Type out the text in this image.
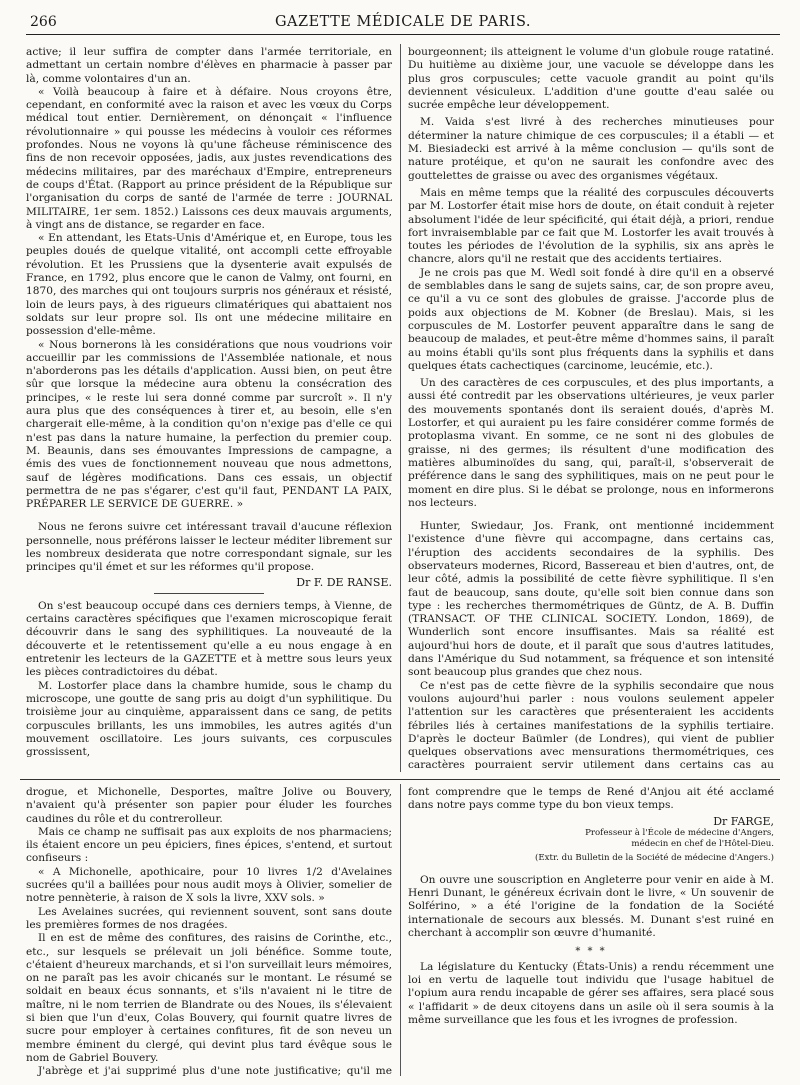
266	GAZETTE MÉDICALE DE PARIS.

active; il leur suffira de compter dans l'armée territoriale, en admettant un certain nombre d'élèves en pharmacie à passer par là, comme volontaires d'un an.

« Voilà beaucoup à faire et à défaire. Nous croyons être, cependant, en conformité avec la raison et avec les vœux du Corps médical tout entier. Dernièrement, on dénonçait « l'influence révolutionnaire » qui pousse les médecins à vouloir ces réformes profondes. Nous ne voyons là qu'une fâcheuse réminiscence des fins de non recevoir opposées, jadis, aux justes revendications des médecins militaires, par des maréchaux d'Empire, entrepreneurs de coups d'État. (Rapport au prince président de la République sur l'organisation du corps de santé de l'armée de terre : JOURNAL MILITAIRE, 1er sem. 1852.) Laissons ces deux mauvais arguments, à vingt ans de distance, se regarder en face.

« En attendant, les Etats-Unis d'Amérique et, en Europe, tous les peuples doués de quelque vitalité, ont accompli cette effroyable révolution. Et les Prussiens que la dysenterie avait expulsés de France, en 1792, plus encore que le canon de Valmy, ont fourni, en 1870, des marches qui ont toujours surpris nos généraux et résisté, loin de leurs pays, à des rigueurs climatériques qui abattaient nos soldats sur leur propre sol. Ils ont une médecine militaire en possession d'elle-même.

« Nous bornerons là les considérations que nous voudrions voir accueillir par les commissions de l'Assemblée nationale, et nous n'aborderons pas les détails d'application. Aussi bien, on peut être sûr que lorsque la médecine aura obtenu la consécration des principes, « le reste lui sera donné comme par surcroît ». Il n'y aura plus que des conséquences à tirer et, au besoin, elle s'en chargerait elle-même, à la condition qu'on n'exige pas d'elle ce qui n'est pas dans la nature humaine, la perfection du premier coup. M. Beaunis, dans ses émouvantes Impressions de campagne, a émis des vues de fonctionnement nouveau que nous admettons, sauf de légères modifications. Dans ces essais, un objectif permettra de ne pas s'égarer, c'est qu'il faut, PENDANT LA PAIX, PRÉPARER LE SERVICE DE GUERRE. »

Nous ne ferons suivre cet intéressant travail d'aucune réflexion personnelle, nous préférons laisser le lecteur méditer librement sur les nombreux desiderata que notre correspondant signale, sur les principes qu'il émet et sur les réformes qu'il propose.

Dr F. DE RANSE.

On s'est beaucoup occupé dans ces derniers temps, à Vienne, de certains caractères spécifiques que l'examen microscopique ferait découvrir dans le sang des syphilitiques. La nouveauté de la découverte et le retentissement qu'elle a eu nous engage à en entretenir les lecteurs de la GAZETTE et à mettre sous leurs yeux les pièces contradictoires du débat.

M. Lostorfer place dans la chambre humide, sous le champ du microscope, une goutte de sang pris au doigt d'un syphilitique. Du troisième jour au cinquième, apparaissent dans ce sang, de petits corpuscules brillants, les uns immobiles, les autres agités d'un mouvement oscillatoire. Les jours suivants, ces corpuscules grossissent,

bourgeonnent; ils atteignent le volume d'un globule rouge ratatiné. Du huitième au dixième jour, une vacuole se développe dans les plus gros corpuscules; cette vacuole grandit au point qu'ils deviennent vésiculeux. L'addition d'une goutte d'eau salée ou sucrée empêche leur développement.

M. Vaida s'est livré à des recherches minutieuses pour déterminer la nature chimique de ces corpuscules; il a établi — et M. Biesiadecki est arrivé à la même conclusion — qu'ils sont de nature protéique, et qu'on ne saurait les confondre avec des gouttelettes de graisse ou avec des organismes végétaux.

Mais en même temps que la réalité des corpuscules découverts par M. Lostorfer était mise hors de doute, on était conduit à rejeter absolument l'idée de leur spécificité, qui était déjà, a priori, rendue fort invraisemblable par ce fait que M. Lostorfer les avait trouvés à toutes les périodes de l'évolution de la syphilis, six ans après le chancre, alors qu'il ne restait que des accidents tertiaires.

Je ne crois pas que M. Wedl soit fondé à dire qu'il en a observé de semblables dans le sang de sujets sains, car, de son propre aveu, ce qu'il a vu ce sont des globules de graisse. J'accorde plus de poids aux objections de M. Kobner (de Breslau). Mais, si les corpuscules de M. Lostorfer peuvent apparaître dans le sang de beaucoup de malades, et peut-être même d'hommes sains, il paraît au moins établi qu'ils sont plus fréquents dans la syphilis et dans quelques états cachectiques (carcinome, leucémie, etc.).

Un des caractères de ces corpuscules, et des plus importants, a aussi été contredit par les observations ultérieures, je veux parler des mouvements spontanés dont ils seraient doués, d'après M. Lostorfer, et qui auraient pu les faire considérer comme formés de protoplasma vivant. En somme, ce ne sont ni des globules de graisse, ni des germes; ils résultent d'une modification des matières albuminoïdes du sang, qui, paraît-il, s'observerait de préférence dans le sang des syphilitiques, mais on ne peut pour le moment en dire plus. Si le débat se prolonge, nous en informerons nos lecteurs.

Hunter, Swiedaur, Jos. Frank, ont mentionné incidemment l'existence d'une fièvre qui accompagne, dans certains cas, l'éruption des accidents secondaires de la syphilis. Des observateurs modernes, Ricord, Bassereau et bien d'autres, ont, de leur côté, admis la possibilité de cette fièvre syphilitique. Il s'en faut de beaucoup, sans doute, qu'elle soit bien connue dans son type : les recherches thermométriques de Güntz, de A. B. Duffin (TRANSACT. OF THE CLINICAL SOCIETY. London, 1869), de Wunderlich sont encore insuffisantes. Mais sa réalité est aujourd'hui hors de doute, et il paraît que sous d'autres latitudes, dans l'Amérique du Sud notamment, sa fréquence et son intensité sont beaucoup plus grandes que chez nous.

Ce n'est pas de cette fièvre de la syphilis secondaire que nous voulons aujourd'hui parler : nous voulons seulement appeler l'attention sur les caractères que présenteraient les accidents fébriles liés à certaines manifestations de la syphilis tertiaire. D'après le docteur Baümler (de Londres), qui vient de publier quelques observations avec mensurations thermométriques, ces caractères pourraient servir utilement dans certains cas au

drogue, et Michonelle, Desportes, maître Jolive ou Bouvery, n'avaient qu'à présenter son papier pour éluder les fourches caudines du rôle et du contrerolleur.

Mais ce champ ne suffisait pas aux exploits de nos pharmaciens; ils étaient encore un peu épiciers, fines épices, s'entend, et surtout confiseurs :

« A Michonelle, apothicaire, pour 10 livres 1/2 d'Avelaines sucrées qu'il a baillées pour nous audit moys à Olivier, somelier de notre pennèterie, à raison de X sols la livre, XXV sols. »

Les Avelaines sucrées, qui reviennent souvent, sont sans doute les premières formes de nos dragées.

Il en est de même des confitures, des raisins de Corinthe, etc., etc., sur lesquels se prélevait un joli bénéfice. Somme toute, c'étaient d'heureux marchands, et si l'on surveillait leurs mémoires, on ne paraît pas les avoir chicanés sur le montant. Le résumé se soldait en beaux écus sonnants, et s'ils n'avaient ni le titre de maître, ni le nom terrien de Blandrate ou des Noues, ils s'élevaient si bien que l'un d'eux, Colas Bouvery, qui fournit quatre livres de sucre pour employer à certaines confitures, fit de son neveu un membre éminent du clergé, qui devint plus tard évêque sous le nom de Gabriel Bouvery.

J'abrège et j'ai supprimé plus d'une note justificative; qu'il me

font comprendre que le temps de René d'Anjou ait été acclamé dans notre pays comme type du bon vieux temps.

Dr FARGE,
Professeur à l'École de médecine d'Angers,
médecin en chef de l'Hôtel-Dieu.
(Extr. du Bulletin de la Société de médecine d'Angers.)

On ouvre une souscription en Angleterre pour venir en aide à M. Henri Dunant, le généreux écrivain dont le livre, « Un souvenir de Solférino, » a été l'origine de la fondation de la Société internationale de secours aux blessés. M. Dunant s'est ruiné en cherchant à accomplir son œuvre d'humanité.

* * *

La législature du Kentucky (États-Unis) a rendu récemment une loi en vertu de laquelle tout individu que l'usage habituel de l'opium aura rendu incapable de gérer ses affaires, sera placé sous « l'affidarit » de deux citoyens dans un asile où il sera soumis à la même surveillance que les fous et les ivrognes de profession.
